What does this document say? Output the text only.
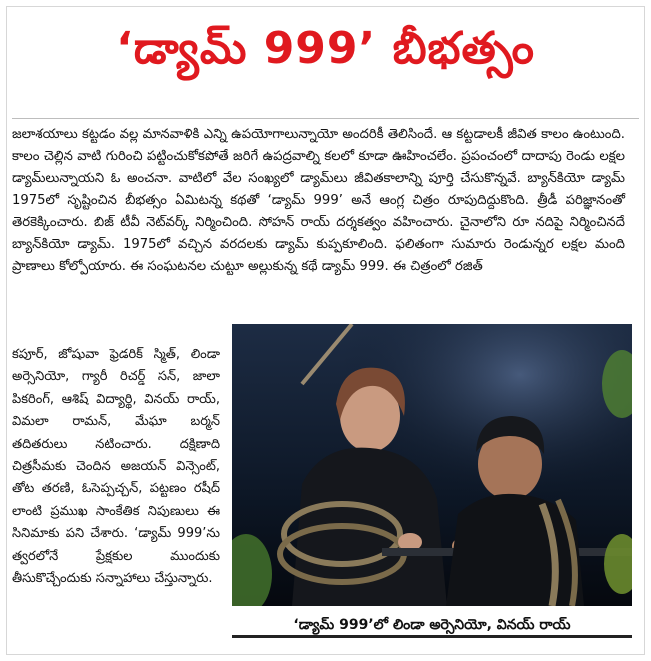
‘డ్యామ్ 999’ బీభత్సం

జలాశయాలు కట్టడం వల్ల మానవాళికి ఎన్ని ఉపయోగాలున్నాయో అందరికీ తెలిసిందే. ఆ కట్టడాలకీ జీవిత కాలం ఉంటుంది. కాలం చెల్లిన వాటి గురించి పట్టించుకోకపోతే జరిగే ఉపద్రవాల్ని కలలో కూడా ఊహించలేం. ప్రపంచంలో దాదాపు రెండు లక్షల డ్యామ్‌లున్నాయని ఓ అంచనా. వాటిలో వేల సంఖ్యలో డ్యామ్‌లు జీవితకాలాన్ని పూర్తి చేసుకొన్నవే. బ్యాన్‌కియో డ్యామ్ 1975లో సృష్టించిన బీభత్సం ఏమిటన్న కథతో ‘డ్యామ్ 999’ అనే ఆంగ్ల చిత్రం రూపుదిద్దుకొంది. త్రీడీ పరిజ్ఞానంతో తెరకెక్కించారు. బిజ్ టీవీ నెట్‌వర్క్ నిర్మించింది. సోహన్ రాయ్ దర్శకత్వం వహించారు. చైనాలోని రూ నదిపై నిర్మించినదే బ్యాన్‌కియో డ్యామ్. 1975లో వచ్చిన వరదలకు డ్యామ్ కుప్పకూలింది. ఫలితంగా సుమారు రెండున్నర లక్షల మంది ప్రాణాలు కోల్పోయారు. ఈ సంఘటనల చుట్టూ అల్లుకున్న కథే డ్యామ్ 999. ఈ చిత్రంలో రజిత్

కపూర్, జోషువా ఫ్రెడరిక్ స్మిత్, లిండా అర్సెనియో, గ్యారీ రిచర్డ్ సన్, జాలా పికరింగ్, ఆశిష్ విద్యార్థి, వినయ్ రాయ్, విమలా రామన్, మేఘా బర్మన్ తదితరులు నటించారు. దక్షిణాది చిత్రసీమకు చెందిన అజయన్ విన్సెంట్, తోట తరణి, ఓసెప్పచ్చన్, పట్టణం రషీద్ లాంటి ప్రముఖ సాంకేతిక నిపుణులు ఈ సినిమాకు పని చేశారు. ‘డ్యామ్ 999’ను త్వరలోనే ప్రేక్షకుల ముందుకు తీసుకొచ్చేందుకు సన్నాహాలు చేస్తున్నారు.

‘డ్యామ్ 999’లో లిండా అర్సెనియో, వినయ్ రాయ్
